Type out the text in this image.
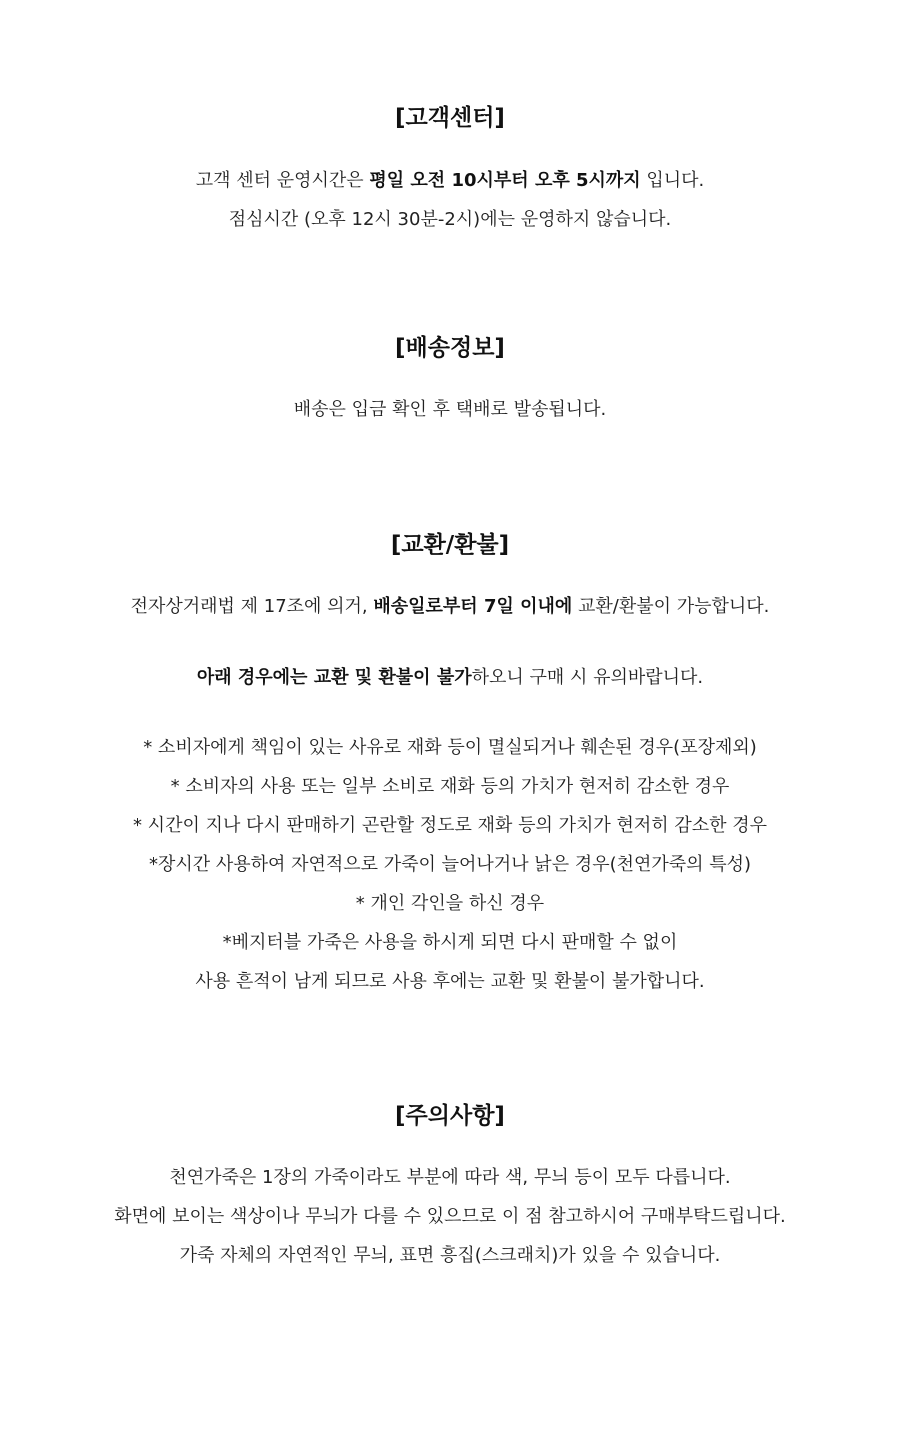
[고객센터]

고객 센터 운영시간은 평일 오전 10시부터 오후 5시까지 입니다.

점심시간 (오후 12시 30분-2시)에는 운영하지 않습니다.

[배송정보]

배송은 입금 확인 후 택배로 발송됩니다.

[교환/환불]

전자상거래법 제 17조에 의거, 배송일로부터 7일 이내에 교환/환불이 가능합니다.

아래 경우에는 교환 및 환불이 불가하오니 구매 시 유의바랍니다.

* 소비자에게 책임이 있는 사유로 재화 등이 멸실되거나 훼손된 경우(포장제외)

* 소비자의 사용 또는 일부 소비로 재화 등의 가치가 현저히 감소한 경우

* 시간이 지나 다시 판매하기 곤란할 정도로 재화 등의 가치가 현저히 감소한 경우

*장시간 사용하여 자연적으로 가죽이 늘어나거나 낡은 경우(천연가죽의 특성)

* 개인 각인을 하신 경우

*베지터블 가죽은 사용을 하시게 되면 다시 판매할 수 없이

사용 흔적이 남게 되므로 사용 후에는 교환 및 환불이 불가합니다.

[주의사항]

천연가죽은 1장의 가죽이라도 부분에 따라 색, 무늬 등이 모두 다릅니다.

화면에 보이는 색상이나 무늬가 다를 수 있으므로 이 점 참고하시어 구매부탁드립니다.

가죽 자체의 자연적인 무늬, 표면 흥집(스크래치)가 있을 수 있습니다.
